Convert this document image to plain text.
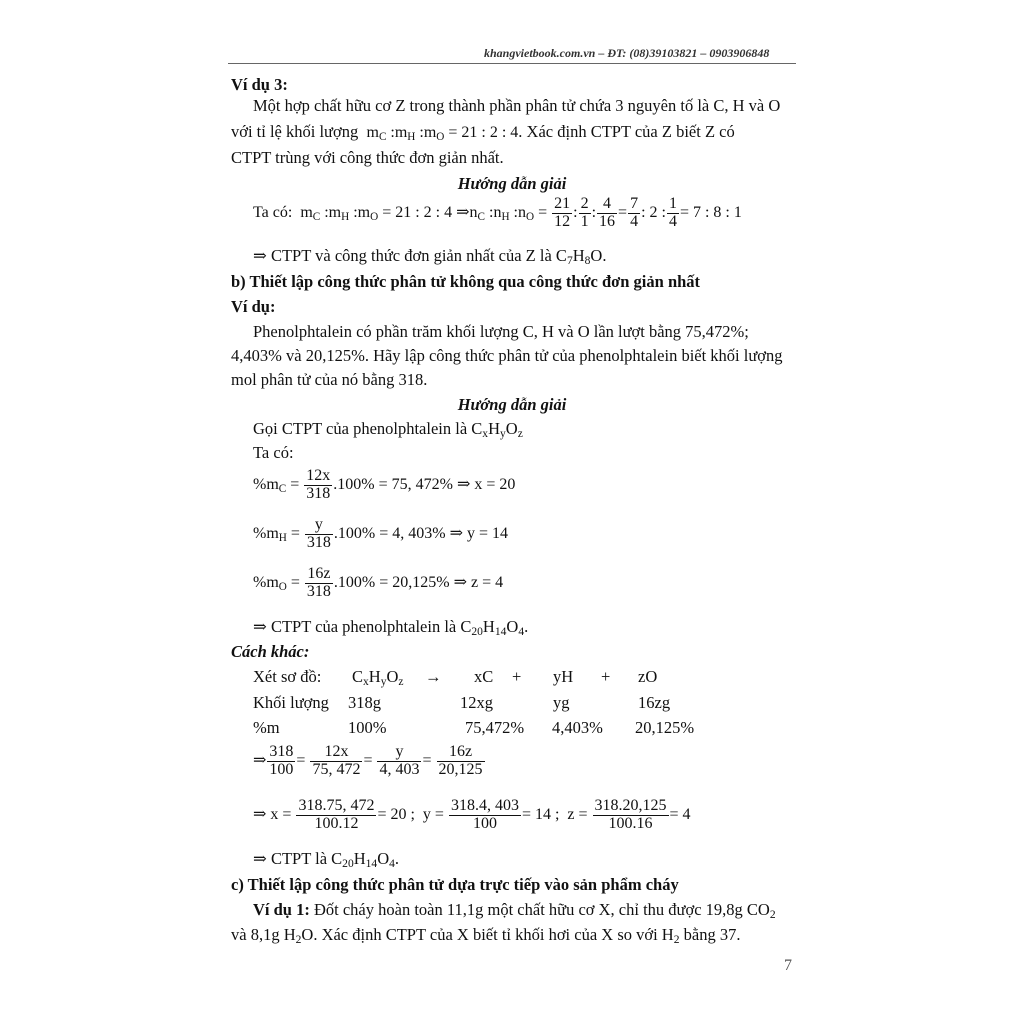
khangvietbook.com.vn – ĐT: (08)39103821 – 0903906848
Ví dụ 3:
Một hợp chất hữu cơ Z trong thành phần phân tử chứa 3 nguyên tố là C, H và O
với tỉ lệ khối lượng $m_C$ $:m_H$ $:m_O = 21$ : 2 : 4. Xác định CTPT của Z biết Z có
CTPT trùng với công thức đơn giản nhất.
Hướng dẫn giải
Ta có:  $m_C$ $:m_H$ $:m_O = 21$ : 2 : 4 $\Rightarrow n_C$ $:n_H$ $:n_O = \frac{21}{12}$ : $\frac{2}{1}$ : $\frac{4}{16} = \frac{7}{4}$ : 2 : $\frac{1}{4} = 7$ : 8 : 1
⇒ CTPT và công thức đơn giản nhất của Z là $C_7H_8O$.
b) Thiết lập công thức phân tử không qua công thức đơn giản nhất
Ví dụ:
Phenolphtalein có phần trăm khối lượng C, H và O lần lượt bằng 75,472%;
4,403% và 20,125%. Hãy lập công thức phân tử của phenolphtalein biết khối lượng
mol phân tử của nó bằng 318.
Hướng dẫn giải
Gọi CTPT của phenolphtalein là $C_xH_yO_z$
Ta có:
$\%m_C = \frac{12x}{318} .100\% = 75$, 472% ⇒ x = 20
$\%m_H = \frac{y}{318} .100\% = 4$, 403% ⇒ y = 14
$\%m_O = \frac{16z}{318} .100\% = 20,125\%$ ⇒ z = 4
⇒ CTPT của phenolphtalein là $C_{20}H_{14}O_4$.
Cách khác:
Xét sơ đồ: $C_xH_yO_z$ → xC + yH + zO
Khối lượng 318g	12xg	yg	16zg
%m	100%	75,472% 4,403% 20,125%
⇒ $\frac{318}{100} = \frac{12x}{75, 472} = \frac{y}{4, 403} = \frac{16z}{20,125}$
⇒ $x = \frac{318.75, 472}{100.12} = 20$ ; $y = \frac{318.4, 403}{100} = 14$ ; $z = \frac{318.20,125}{100.16} = 4$
⇒ CTPT là $C_{20}H_{14}O_4$.
c) Thiết lập công thức phân tử dựa trực tiếp vào sản phẩm cháy
Ví dụ 1: Đốt cháy hoàn toàn 11,1g một chất hữu cơ X, chỉ thu được 19,8g $CO_2$
và 8,1g $H_2O$. Xác định CTPT của X biết tỉ khối hơi của X so với $H_2$ bằng 37.
7
